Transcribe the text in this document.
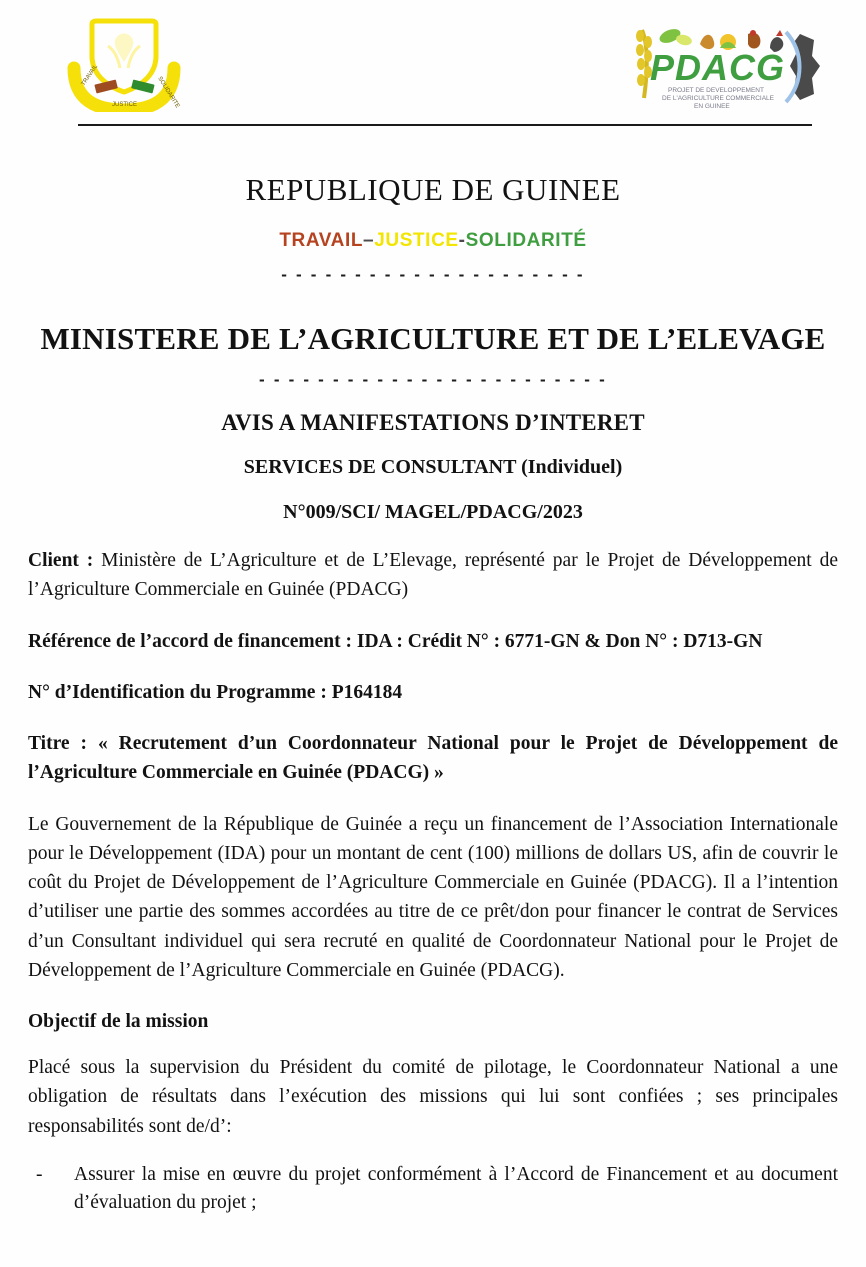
TRAVAIL
JUSTICE	SOLIDARITE
PDACG
PROJET DE DEVELOPPEMENT
DE L'AGRICULTURE COMMERCIALE
EN GUINEE
REPUBLIQUE DE GUINEE
TRAVAIL–JUSTICE-SOLIDARITÉ
- - - - - - - - - - - - - - - - - - - - -
MINISTERE DE L’AGRICULTURE ET DE L’ELEVAGE
- - - - - - - - - - - - - - - - - - - - - - - -
AVIS A MANIFESTATIONS D’INTERET
SERVICES DE CONSULTANT (Individuel)
N°009/SCI/ MAGEL/PDACG/2023

Client : Ministère de L’Agriculture et de L’Elevage, représenté par le Projet de Développement de l’Agriculture Commerciale en Guinée (PDACG)

Référence de l’accord de financement : IDA : Crédit N° : 6771-GN & Don N° : D713-GN

N° d’Identification du Programme : P164184

Titre : « Recrutement d’un Coordonnateur National pour le Projet de Développement de l’Agriculture Commerciale en Guinée (PDACG) »

Le Gouvernement de la République de Guinée a reçu un financement de l’Association Internationale pour le Développement (IDA) pour un montant de cent (100) millions de dollars US, afin de couvrir le coût du Projet de Développement de l’Agriculture Commerciale en Guinée (PDACG). Il a l’intention d’utiliser une partie des sommes accordées au titre de ce prêt/don pour financer le contrat de Services d’un Consultant individuel qui sera recruté en qualité de Coordonnateur National pour le Projet de Développement de l’Agriculture Commerciale en Guinée (PDACG).

Objectif de la mission

Placé sous la supervision du Président du comité de pilotage, le Coordonnateur National a une obligation de résultats dans l’exécution des missions qui lui sont confiées ; ses principales responsabilités sont de/d’:

- Assurer la mise en œuvre du projet conformément à l’Accord de Financement et au document d’évaluation du projet ;
